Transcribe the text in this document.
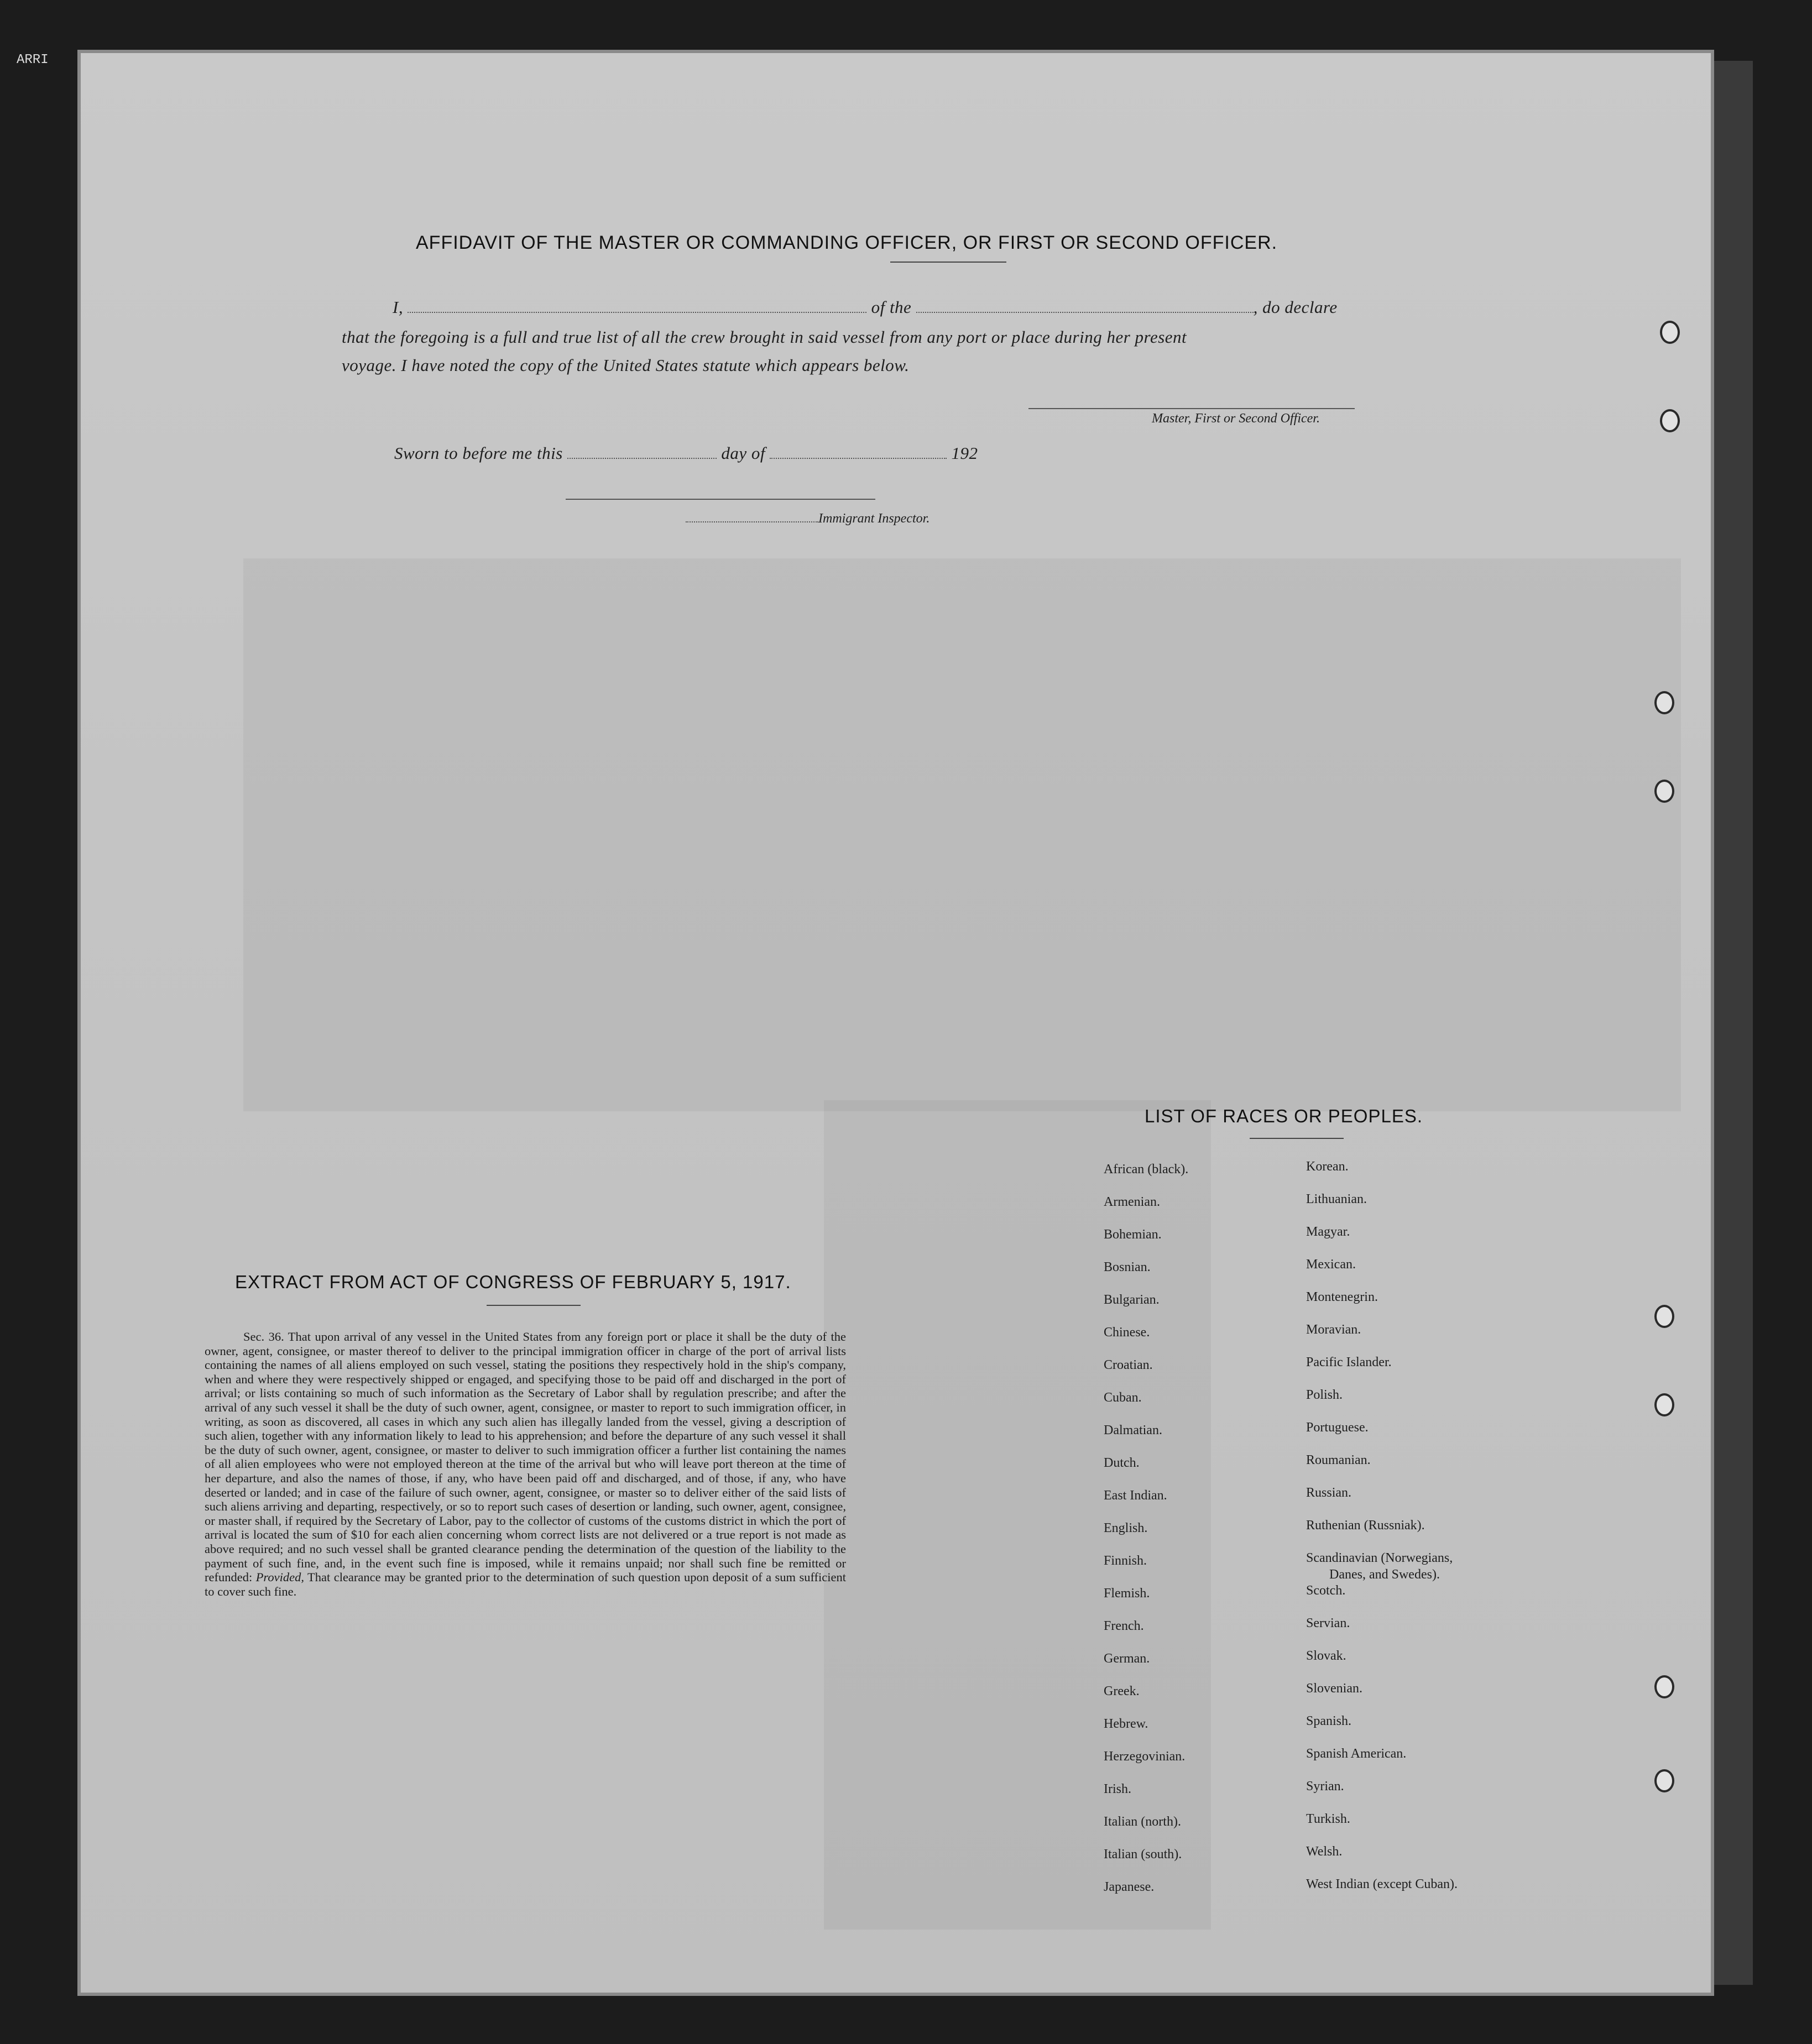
ARRI
AFFIDAVIT OF THE MASTER OR COMMANDING OFFICER, OR FIRST OR SECOND OFFICER.
I,	of the	, do declare
that the foregoing is a full and true list of all the crew brought in said vessel from any port or place during her present
voyage. I have noted the copy of the United States statute which appears below.
Master, First or Second Officer.
Sworn to before me this	day of	192
Immigrant Inspector.
EXTRACT FROM ACT OF CONGRESS OF FEBRUARY 5, 1917.
Sec. 36. That upon arrival of any vessel in the United States from any foreign port or place it shall be the duty of the owner, agent, consignee, or master thereof to deliver to the principal immigration officer in charge of the port of arrival lists containing the names of all aliens employed on such vessel, stating the positions they respectively hold in the ship's company, when and where they were respectively shipped or engaged, and specifying those to be paid off and discharged in the port of arrival; or lists containing so much of such information as the Secretary of Labor shall by regulation prescribe; and after the arrival of any such vessel it shall be the duty of such owner, agent, consignee, or master to report to such immigration officer, in writing, as soon as discovered, all cases in which any such alien has illegally landed from the vessel, giving a description of such alien, together with any information likely to lead to his apprehension; and before the departure of any such vessel it shall be the duty of such owner, agent, consignee, or master to deliver to such immigration officer a further list containing the names of all alien employees who were not employed thereon at the time of the arrival but who will leave port thereon at the time of her departure, and also the names of those, if any, who have been paid off and discharged, and of those, if any, who have deserted or landed; and in case of the failure of such owner, agent, consignee, or master so to deliver either of the said lists of such aliens arriving and departing, respectively, or so to report such cases of desertion or landing, such owner, agent, consignee, or master shall, if required by the Secretary of Labor, pay to the collector of customs of the customs district in which the port of arrival is located the sum of $10 for each alien concerning whom correct lists are not delivered or a true report is not made as above required; and no such vessel shall be granted clearance pending the determination of the question of the liability to the payment of such fine, and, in the event such fine is imposed, while it remains unpaid; nor shall such fine be remitted or refunded: Provided, That clearance may be granted prior to the determination of such question upon deposit of a sum sufficient to cover such fine.
LIST OF RACES OR PEOPLES.
African (black).
Armenian.
Bohemian.
Bosnian.
Bulgarian.
Chinese.
Croatian.
Cuban.
Dalmatian.
Dutch.
East Indian.
English.
Finnish.
Flemish.
French.
German.
Greek.
Hebrew.
Herzegovinian.
Irish.
Italian (north).
Italian (south).
Japanese.
Korean.
Lithuanian.
Magyar.
Mexican.
Montenegrin.
Moravian.
Pacific Islander.
Polish.
Portuguese.
Roumanian.
Russian.
Ruthenian (Russniak).
Scandinavian (Norwegians,
Danes, and Swedes).
Scotch.
Servian.
Slovak.
Slovenian.
Spanish.
Spanish American.
Syrian.
Turkish.
Welsh.
West Indian (except Cuban).
